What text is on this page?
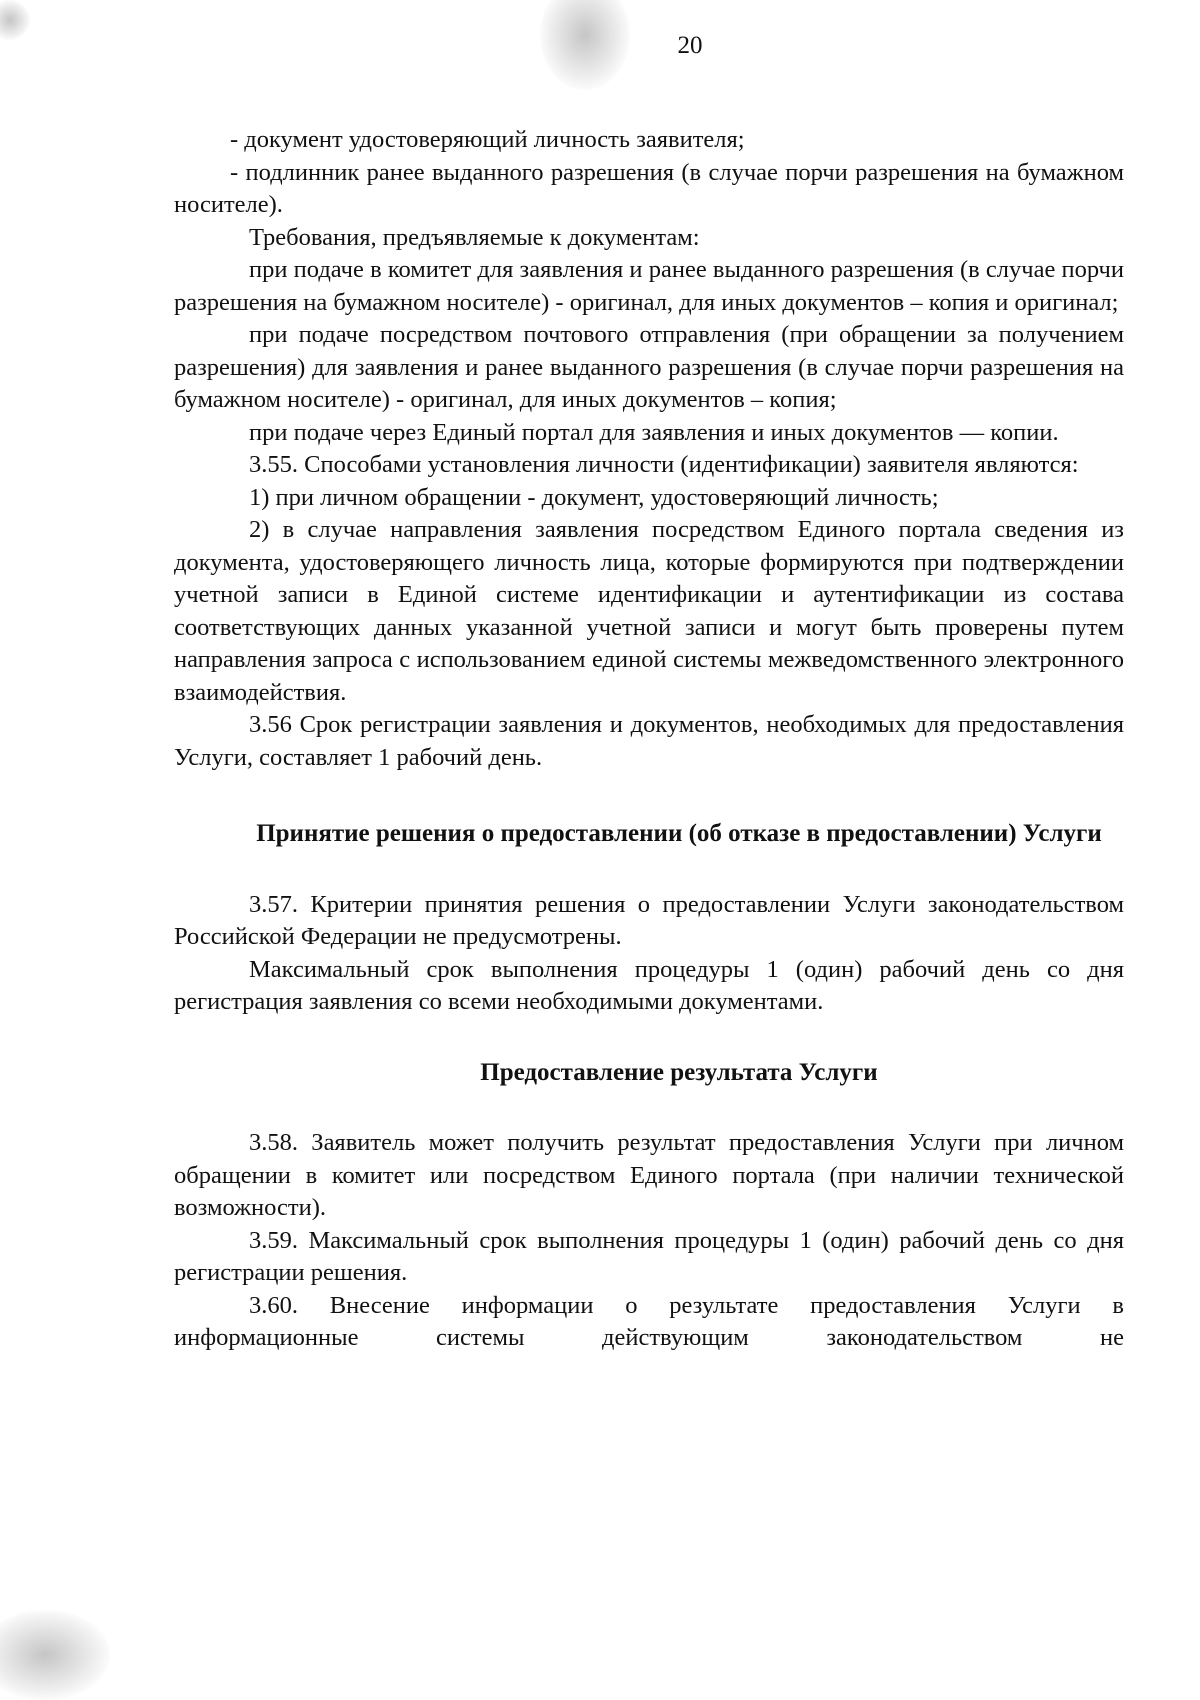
20

- документ удостоверяющий личность заявителя;

- подлинник ранее выданного разрешения (в случае порчи разрешения на бумажном носителе).

Требования, предъявляемые к документам:

при подаче в комитет для заявления и ранее выданного разрешения (в случае порчи разрешения на бумажном носителе) - оригинал, для иных документов – копия и оригинал;

при подаче посредством почтового отправления (при обращении за получением разрешения) для заявления и ранее выданного разрешения (в случае порчи разрешения на бумажном носителе) - оригинал, для иных документов – копия;

при подаче через Единый портал для заявления и иных документов — копии.

3.55. Способами установления личности (идентификации) заявителя являются:

1) при личном обращении - документ, удостоверяющий личность;

2) в случае направления заявления посредством Единого портала сведения из документа, удостоверяющего личность лица, которые формируются при подтверждении учетной записи в Единой системе идентификации и аутентификации из состава соответствующих данных указанной учетной записи и могут быть проверены путем направления запроса с использованием единой системы межведомственного электронного взаимодействия.

3.56 Срок регистрации заявления и документов, необходимых для предоставления Услуги, составляет 1 рабочий день.

Принятие решения о предоставлении (об отказе в предоставлении) Услуги

3.57. Критерии принятия решения о предоставлении Услуги законодательством Российской Федерации не предусмотрены.

Максимальный срок выполнения процедуры 1 (один) рабочий день со дня регистрация заявления со всеми необходимыми документами.

Предоставление результата Услуги

3.58. Заявитель может получить результат предоставления Услуги при личном обращении в комитет или посредством Единого портала (при наличии технической возможности).

3.59. Максимальный срок выполнения процедуры 1 (один) рабочий день со дня регистрации решения.

3.60. Внесение информации о результате предоставления Услуги в информационные системы действующим законодательством не
